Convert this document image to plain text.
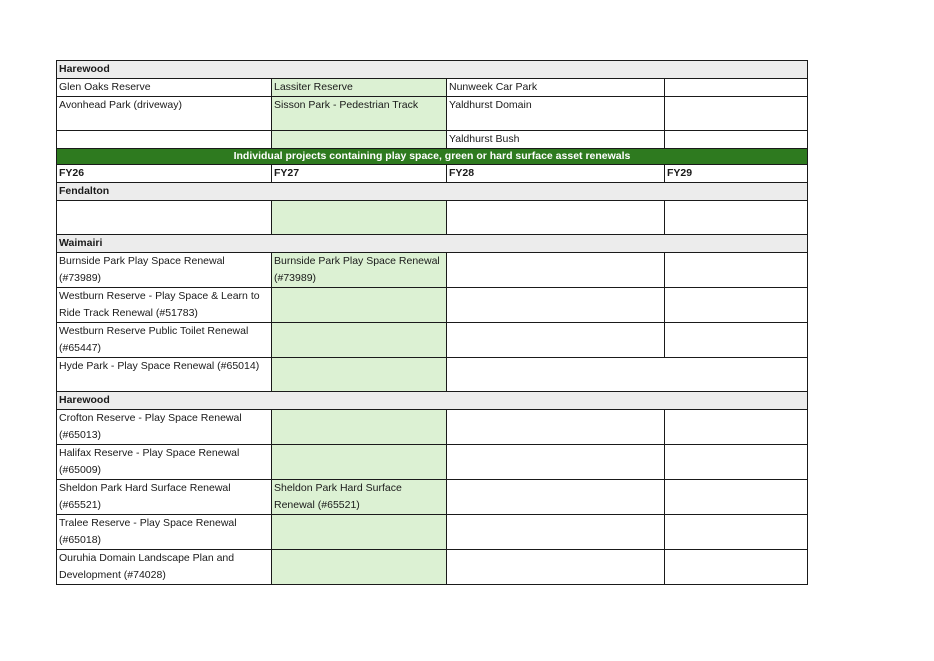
Harewood			
Glen Oaks Reserve	Lassiter Reserve	Nunweek Car Park	
Avonhead Park (driveway)	Sisson Park - Pedestrian Track	Yaldhurst Domain	
		Yaldhurst Bush	
Individual projects containing play space, green or hard surface asset renewals			
FY26	FY27	FY28	FY29
Fendalton			

Waimairi			
Burnside Park Play Space Renewal (#73989)	Burnside Park Play Space Renewal (#73989)		
Westburn Reserve - Play Space & Learn to Ride Track Renewal (#51783)			
Westburn Reserve Public Toilet Renewal (#65447)			
Hyde Park - Play Space Renewal (#65014)			
Harewood			
Crofton Reserve - Play Space Renewal (#65013)			
Halifax Reserve - Play Space Renewal (#65009)			
Sheldon Park Hard Surface Renewal (#65521)	Sheldon Park Hard Surface Renewal (#65521)		
Tralee Reserve - Play Space Renewal (#65018)			
Ouruhia Domain Landscape Plan and Development (#74028)			
